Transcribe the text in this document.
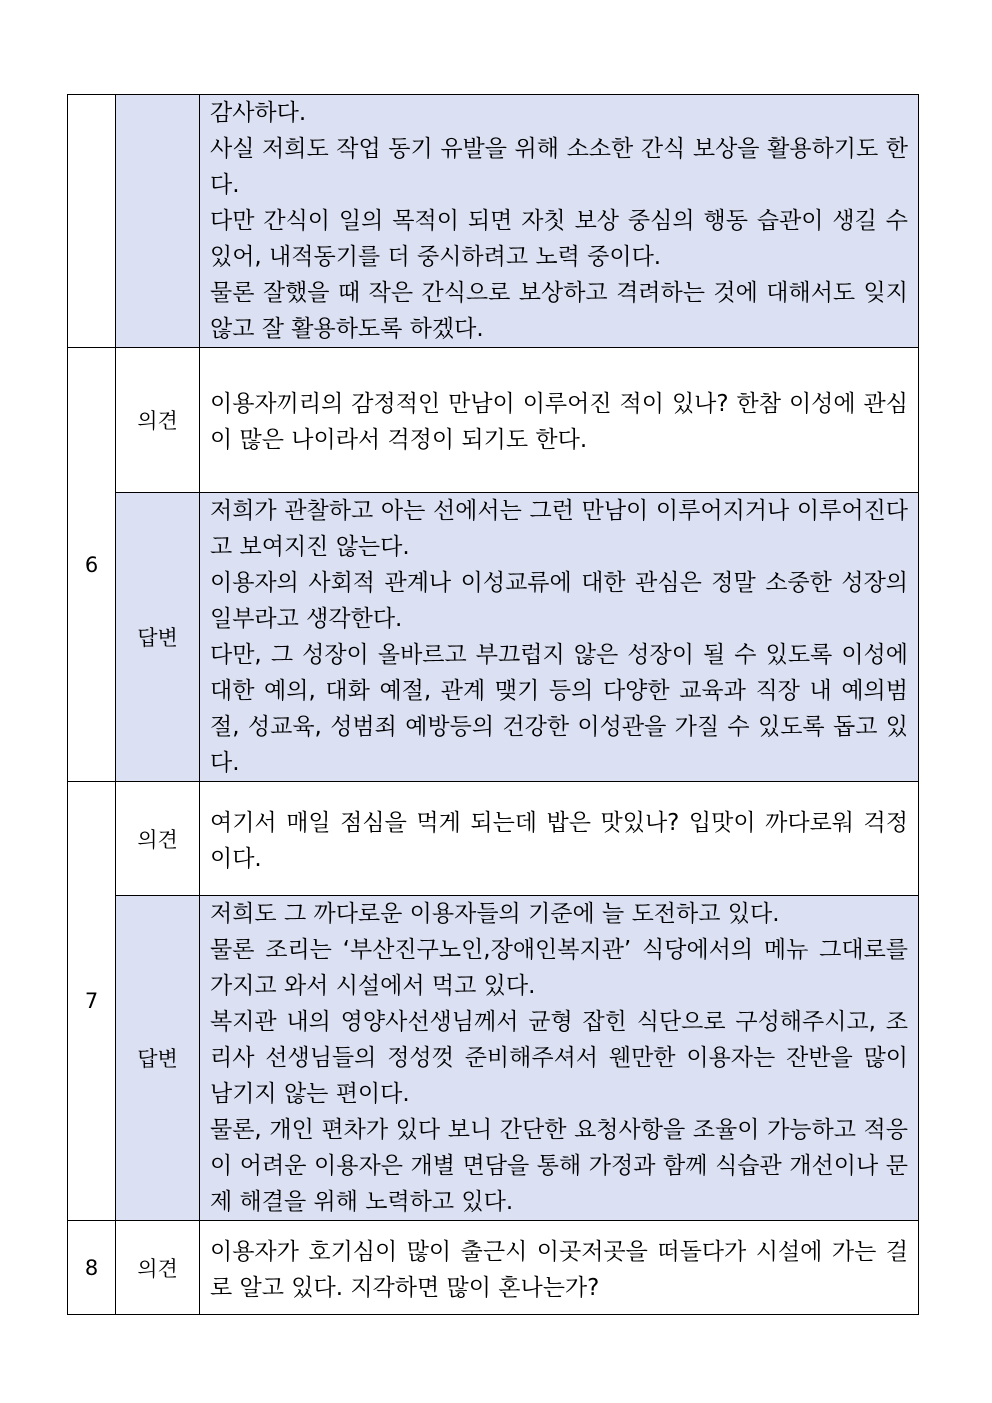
		감사하다.

사실 저희도 작업 동기 유발을 위해 소소한 간식 보상을 활용하기도 한다.

다만 간식이 일의 목적이 되면 자칫 보상 중심의 행동 습관이 생길 수 있어, 내적동기를 더 중시하려고 노력 중이다.

물론 잘했을 때 작은 간식으로 보상하고 격려하는 것에 대해서도 잊지 않고 잘 활용하도록 하겠다.

6	의견	이용자끼리의 감정적인 만남이 이루어진 적이 있나? 한참 이성에 관심이 많은 나이라서 걱정이 되기도 한다.

	답변	저희가 관찰하고 아는 선에서는 그런 만남이 이루어지거나 이루어진다고 보여지진 않는다.

이용자의 사회적 관계나 이성교류에 대한 관심은 정말 소중한 성장의 일부라고 생각한다.

다만, 그 성장이 올바르고 부끄럽지 않은 성장이 될 수 있도록 이성에 대한 예의, 대화 예절, 관계 맺기 등의 다양한 교육과 직장 내 예의범절, 성교육, 성범죄 예방등의 건강한 이성관을 가질 수 있도록 돕고 있다.

7	의견	여기서 매일 점심을 먹게 되는데 밥은 맛있나? 입맛이 까다로워 걱정이다.

	답변	저희도 그 까다로운 이용자들의 기준에 늘 도전하고 있다.

물론 조리는 ‘부산진구노인,장애인복지관’ 식당에서의 메뉴 그대로를 가지고 와서 시설에서 먹고 있다.

복지관 내의 영양사선생님께서 균형 잡힌 식단으로 구성해주시고, 조리사 선생님들의 정성껏 준비해주셔서 웬만한 이용자는 잔반을 많이 남기지 않는 편이다.

물론, 개인 편차가 있다 보니 간단한 요청사항을 조율이 가능하고 적응이 어려운 이용자은 개별 면담을 통해 가정과 함께 식습관 개선이나 문제 해결을 위해 노력하고 있다.

8	의견	이용자가 호기심이 많이 출근시 이곳저곳을 떠돌다가 시설에 가는 걸로 알고 있다. 지각하면 많이 혼나는가?
